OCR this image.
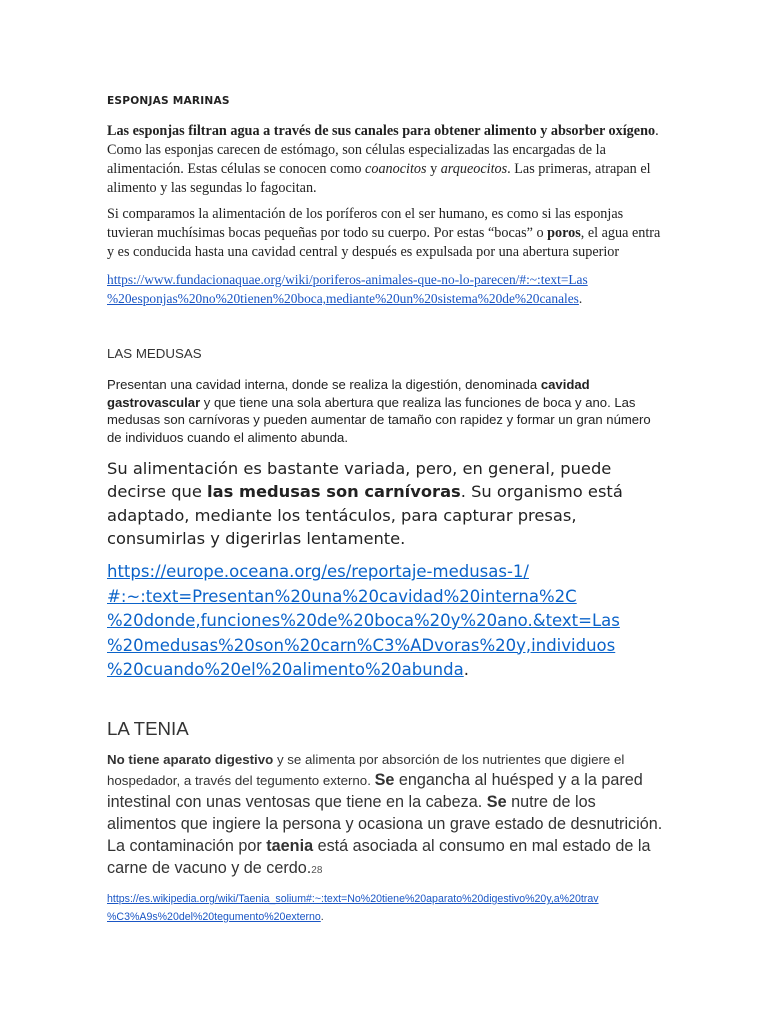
ESPONJAS MARINAS

Las esponjas filtran agua a través de sus canales para obtener alimento y absorber oxígeno. Como las esponjas carecen de estómago, son células especializadas las encargadas de la alimentación. Estas células se conocen como coanocitos y arqueocitos. Las primeras, atrapan el alimento y las segundas lo fagocitan.

Si comparamos la alimentación de los poríferos con el ser humano, es como si las esponjas tuvieran muchísimas bocas pequeñas por todo su cuerpo. Por estas “bocas” o poros, el agua entra y es conducida hasta una cavidad central y después es expulsada por una abertura superior

https://www.fundacionaquae.org/wiki/poriferos-animales-que-no-lo-parecen/#:~:text=Las
%20esponjas%20no%20tienen%20boca,mediante%20un%20sistema%20de%20canales.
LAS MEDUSAS

Presentan una cavidad interna, donde se realiza la digestión, denominada cavidad gastrovascular y que tiene una sola abertura que realiza las funciones de boca y ano. Las medusas son carnívoras y pueden aumentar de tamaño con rapidez y formar un gran número de individuos cuando el alimento abunda.

Su alimentación es bastante variada, pero, en general, puede decirse que las medusas son carnívoras. Su organismo está adaptado, mediante los tentáculos, para capturar presas, consumirlas y digerirlas lentamente.

https://europe.oceana.org/es/reportaje-medusas-1/
#:~:text=Presentan%20una%20cavidad%20interna%2C
%20donde,funciones%20de%20boca%20y%20ano.&text=Las
%20medusas%20son%20carn%C3%ADvoras%20y,individuos
%20cuando%20el%20alimento%20abunda.
LA TENIA

No tiene aparato digestivo y se alimenta por absorción de los nutrientes que digiere el hospedador, a través del tegumento externo. Se engancha al huésped y a la pared intestinal con unas ventosas que tiene en la cabeza. Se nutre de los alimentos que ingiere la persona y ocasiona un grave estado de desnutrición. La contaminación por taenia está asociada al consumo en mal estado de la carne de vacuno y de cerdo.28

https://es.wikipedia.org/wiki/Taenia_solium#:~:text=No%20tiene%20aparato%20digestivo%20y,a%20trav
%C3%A9s%20del%20tegumento%20externo.
